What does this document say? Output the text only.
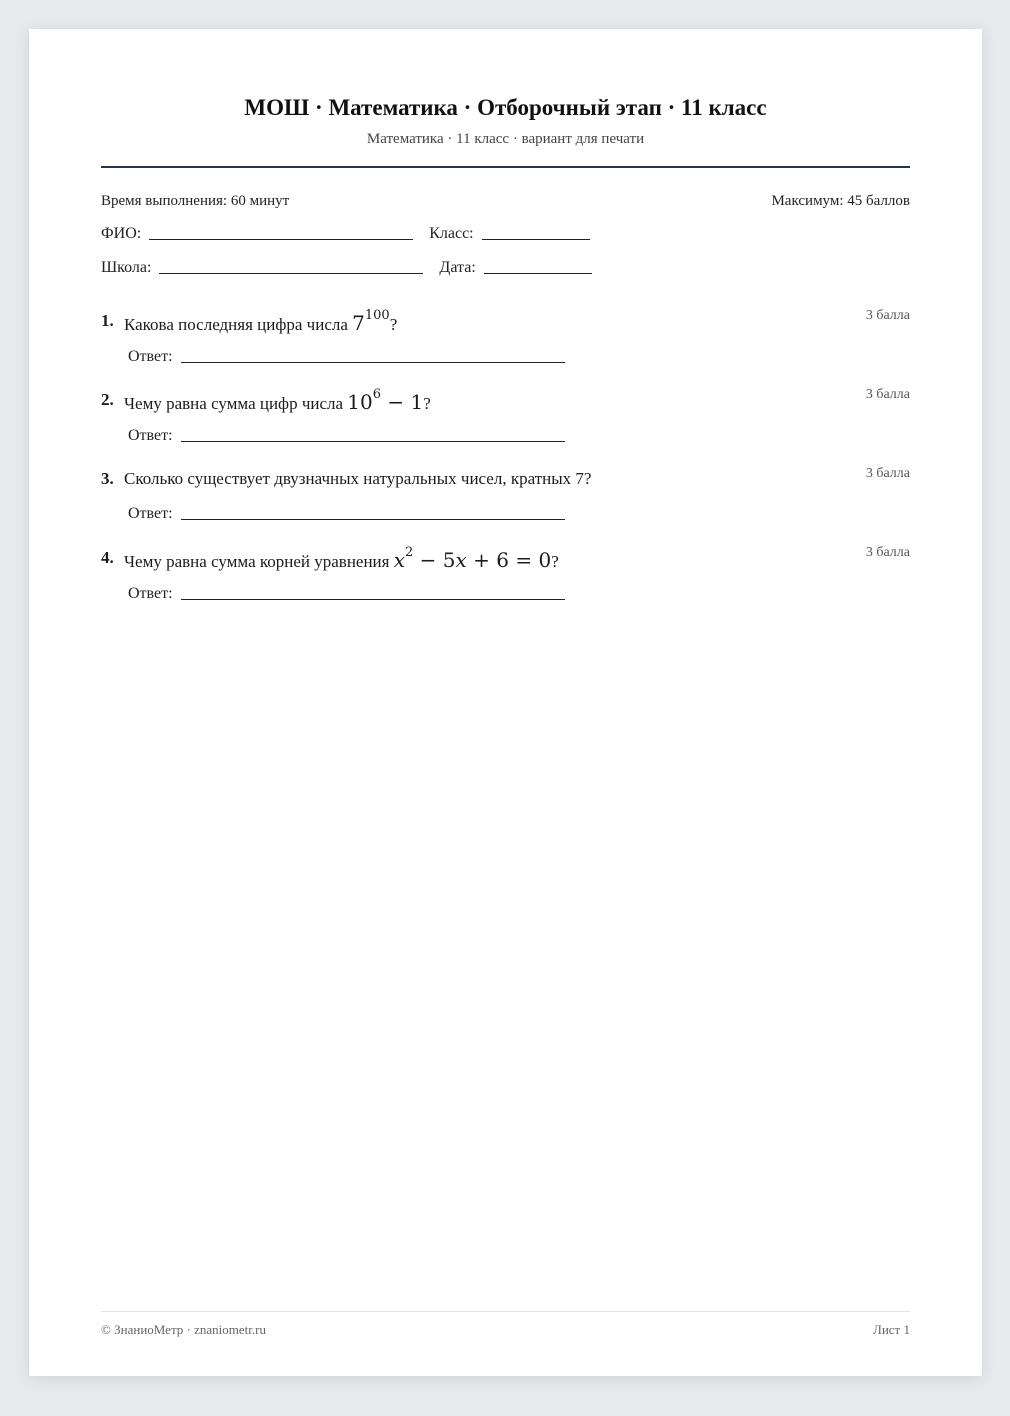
МОШ · Математика · Отборочный этап · 11 класс
Математика · 11 класс · вариант для печати
Время выполнения: 60 минут	Максимум: 45 баллов
ФИО:	Класс:
Школа:	Дата:
1. Какова последняя цифра числа $7^{100}$?	3 балла
Ответ:
2. Чему равна сумма цифр числа $10^6 - 1$?	3 балла
Ответ:
3. Сколько существует двузначных натуральных чисел, кратных 7?	3 балла
Ответ:
4. Чему равна сумма корней уравнения $x^2 - 5x + 6 = 0$?	3 балла
Ответ:
© ЗнаниоМетр · znaniometr.ru	Лист 1
